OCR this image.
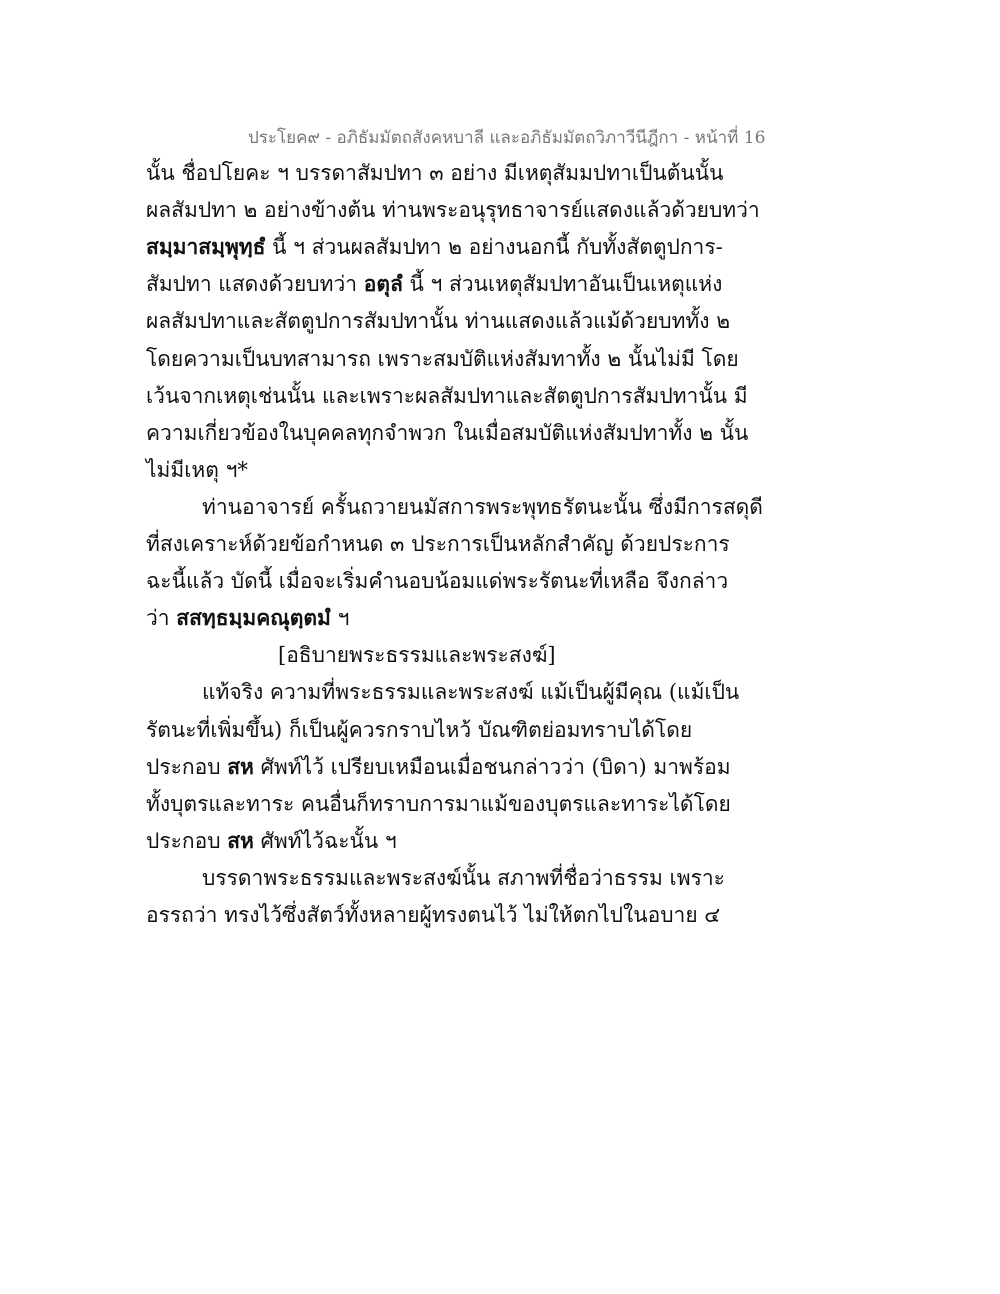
ประโยค๙ - อภิธัมมัตถสังคหบาลี และอภิธัมมัตถวิภาวีนีฎีกา - หน้าที่ 16
นั้น ชื่อปโยคะ ฯ บรรดาสัมปทา ๓ อย่าง มีเหตุสัมมปทาเป็นต้นนั้น
ผลสัมปทา ๒ อย่างข้างต้น ท่านพระอนุรุทธาจารย์แสดงแล้วด้วยบทว่า
สมฺมาสมฺพุทฺธํ นี้ ฯ ส่วนผลสัมปทา ๒ อย่างนอกนี้ กับทั้งสัตตูปการ-
สัมปทา แสดงด้วยบทว่า อตุลํ นี้ ฯ ส่วนเหตุสัมปทาอันเป็นเหตุแห่ง
ผลสัมปทาและสัตตูปการสัมปทานั้น ท่านแสดงแล้วแม้ด้วยบททั้ง ๒
โดยความเป็นบทสามารถ เพราะสมบัติแห่งสัมทาทั้ง ๒ นั้นไม่มี โดย
เว้นจากเหตุเช่นนั้น และเพราะผลสัมปทาและสัตตูปการสัมปทานั้น มี
ความเกี่ยวข้องในบุคคลทุกจำพวก ในเมื่อสมบัติแห่งสัมปทาทั้ง ๒ นั้น
ไม่มีเหตุ ฯ*
ท่านอาจารย์ ครั้นถวายนมัสการพระพุทธรัตนะนั้น ซึ่งมีการสดุดี
ที่สงเคราะห์ด้วยข้อกำหนด ๓ ประการเป็นหลักสำคัญ ด้วยประการ
ฉะนี้แล้ว บัดนี้ เมื่อจะเริ่มคำนอบน้อมแด่พระรัตนะที่เหลือ จึงกล่าว
ว่า สสทฺธมฺมคณุตฺตมํ ฯ
[อธิบายพระธรรมและพระสงฆ์]
แท้จริง ความที่พระธรรมและพระสงฆ์ แม้เป็นผู้มีคุณ (แม้เป็น
รัตนะที่เพิ่มขึ้น) ก็เป็นผู้ควรกราบไหว้ บัณฑิตย่อมทราบได้โดย
ประกอบ สห ศัพท์ไว้ เปรียบเหมือนเมื่อชนกล่าวว่า (บิดา) มาพร้อม
ทั้งบุตรและทาระ คนอื่นก็ทราบการมาแม้ของบุตรและทาระได้โดย
ประกอบ สห ศัพท์ไว้ฉะนั้น ฯ
บรรดาพระธรรมและพระสงฆ์นั้น สภาพที่ชื่อว่าธรรม เพราะ
อรรถว่า ทรงไว้ซึ่งสัตว์ทั้งหลายผู้ทรงตนไว้ ไม่ให้ตกไปในอบาย ๔
